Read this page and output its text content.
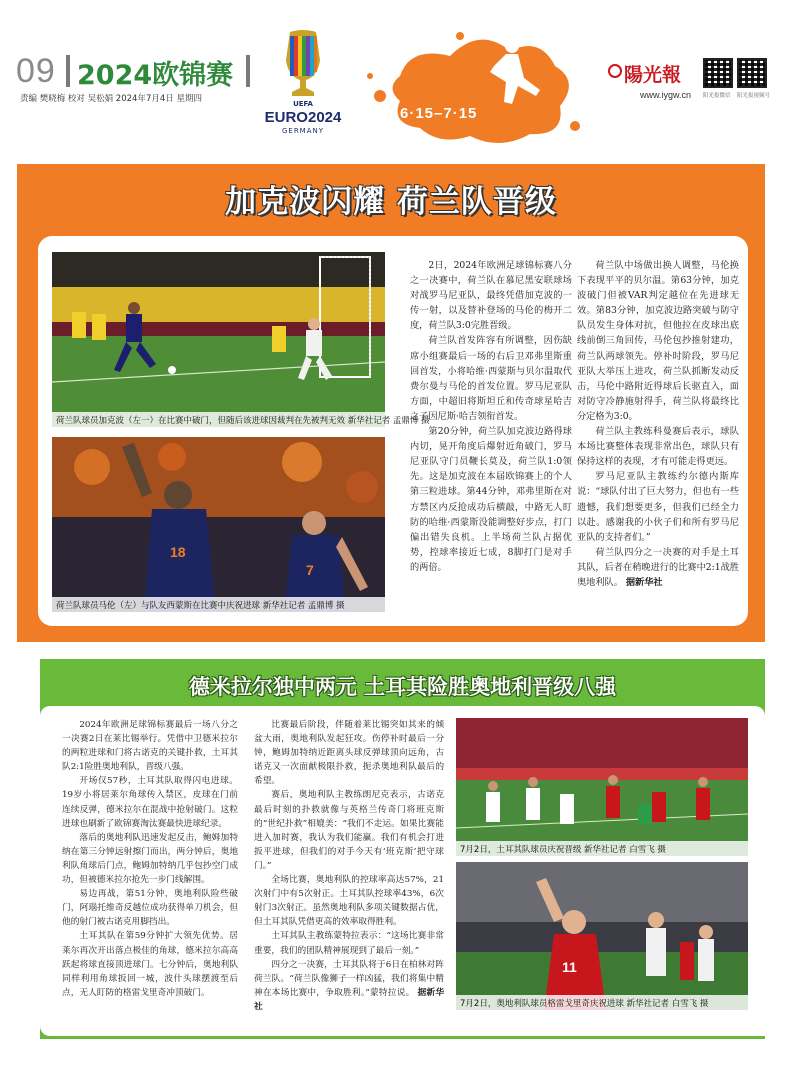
09 2024欧锦赛
责编 樊晓梅 校对 吴松娟 2024年7月4日 星期四	UEFA
EURO2024
GERMANY
6·15–7·15
陽光報
www.iygw.cn 阳光报微信 阳光报视频号
加克波闪耀 荷兰队晋级
荷兰队球员加克波（左一）在比赛中破门，但随后该进球因裁判在先被判无效 新华社记者 孟鼎博 摄
18
7
荷兰队球员马伦（左）与队友西蒙斯在比赛中庆祝进球 新华社记者 孟鼎博 摄

2日，2024年欧洲足球锦标赛八分之一决赛中，荷兰队在慕尼黑安联球场对战罗马尼亚队，最终凭借加克波的一传一射，以及替补登场的马伦的梅开二度，荷兰队3:0完胜晋级。

荷兰队首发阵容有所调整，因伤缺席小组赛最后一场的右后卫邓弗里斯重回首发，小将哈维·西蒙斯与贝尔温取代费尔曼与马伦的首发位置。罗马尼亚队方面，中超旧将斯坦丘和传奇球星哈吉之子因尼斯·哈吉领衔首发。

第20分钟，荷兰队加克波边路得球内切，晃开角度后爆射近角破门，罗马尼亚队守门员鞭长莫及，荷兰队1:0领先。这是加克波在本届欧锦赛上的个人第三粒进球。第44分钟，邓弗里斯在对方禁区内反抢成功后横敲，中路无人盯防的哈维·西蒙斯没能调整好步点，打门偏出错失良机。上半场荷兰队占据优势，控球率接近七成，8脚打门是对手的两倍。

荷兰队中场做出换人调整，马伦换下表现平平的贝尔温。第63分钟，加克波破门但被VAR判定越位在先进球无效。第83分钟，加克波边路突破与防守队员发生身体对抗，但他拉在皮球出底线前倒三角回传，马伦包抄推射建功，荷兰队两球领先。停补时阶段，罗马尼亚队大举压上进攻，荷兰队抓断发动反击，马伦中路附近得球后长驱直入，面对防守冷静施射得手，荷兰队将最终比分定格为3:0。

荷兰队主教练科曼赛后表示，球队本场比赛整体表现非常出色，球队只有保持这样的表现，才有可能走得更远。

罗马尼亚队主教练约尔德内斯库说：“球队付出了巨大努力，但也有一些遗憾，我们想要更多，但我们已经全力以赴。感谢我的小伙子们和所有罗马尼亚队的支持者们。”

荷兰队四分之一决赛的对手是土耳其队，后者在稍晚进行的比赛中2:1战胜奥地利队。 据新华社

德米拉尔独中两元 土耳其险胜奥地利晋级八强

2024年欧洲足球锦标赛最后一场八分之一决赛2日在莱比锡举行。凭借中卫德米拉尔的两粒进球和门将古诺克的关键扑救，土耳其队2:1险胜奥地利队，晋级八强。

开场仅57秒，土耳其队取得闪电进球。19岁小将居莱尔角球传入禁区，皮球在门前连续反弹，德米拉尔在混战中抢射破门。这粒进球也刷新了欧锦赛淘汰赛最快进球纪录。

落后的奥地利队迅速发起反击，鲍姆加特纳在第三分钟远射擦门而出，两分钟后，奥地利队角球后门点，鲍姆加特纳几乎包抄空门成功，但被德米拉尔抢先一步门线解围。

易边再战，第51分钟，奥地利队险些破门，阿瑙托维奇反越位成功获得单刀机会，但他的射门被古诺克用脚挡出。

土耳其队在第59分钟扩大领先优势。居莱尔再次开出落点极佳的角球，德米拉尔高高跃起将球直接顶进球门。七分钟后，奥地利队同样利用角球扳回一城，波什头球摆渡至后点，无人盯防的格雷戈里奇冲顶破门。

比赛最后阶段，伴随着莱比锡突如其来的倾盆大雨，奥地利队发起狂攻。伤停补时最后一分钟，鲍姆加特纳近距离头球反弹球顶向远角，古诺克又一次面献极限扑救，扼杀奥地利队最后的希望。

赛后，奥地利队主教练朗尼克表示，古诺克最后时刻的扑救就像与英格兰传奇门将班克斯的“世纪扑救”相媲美：“我们不走运。如果比赛能进入加时赛，我认为我们能赢。我们有机会打进扳平进球，但我们的对手今天有‘班克斯’把守球门。”

全场比赛，奥地利队的控球率高达57%，21次射门中有5次射正。土耳其队控球率43%，6次射门3次射正。虽然奥地利队多项关键数据占优，但土耳其队凭借更高的效率取得胜利。

土耳其队主教练蒙特拉表示：“这场比赛非常重要，我们的团队精神展现到了最后一刻。”

四分之一决赛，土耳其队将于6日在柏林对阵荷兰队。“荷兰队像狮子一样凶猛，我们将集中精神在本场比赛中，争取胜利。”蒙特拉说。 据新华社

7月2日，土耳其队球员庆祝晋级 新华社记者 白雪飞 摄
11
7月2日，奥地利队球员格雷戈里奇庆祝进球 新华社记者 白雪飞 摄
